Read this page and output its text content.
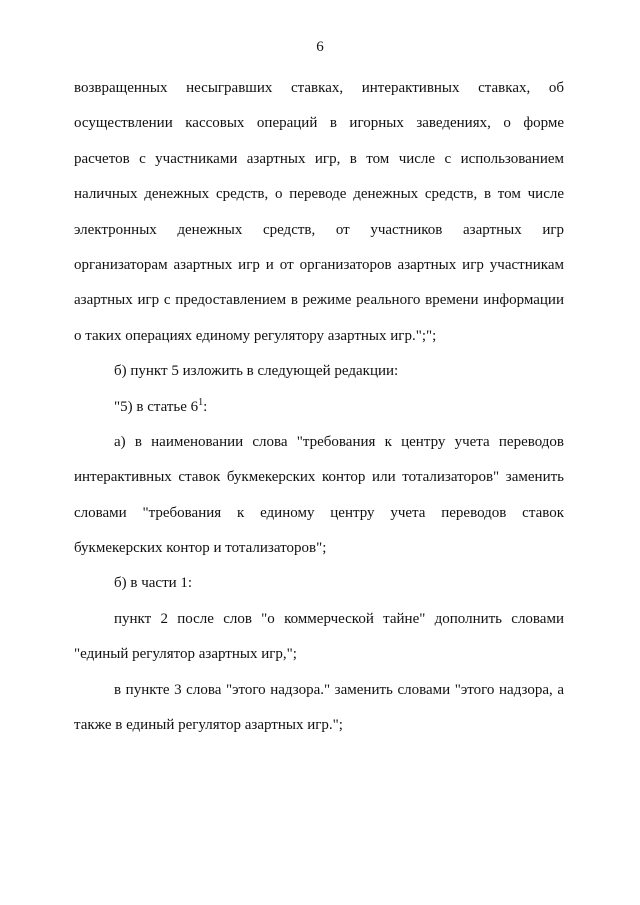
6
возвращенных несыгравших ставках, интерактивных ставках, об
осуществлении кассовых операций в игорных заведениях, о форме
расчетов с участниками азартных игр, в том числе с использованием
наличных денежных средств, о переводе денежных средств, в том числе
электронных денежных средств, от участников азартных игр
организаторам азартных игр и от организаторов азартных игр участникам
азартных игр с предоставлением в режиме реального времени информации
о таких операциях единому регулятору азартных игр.";";
б) пункт 5 изложить в следующей редакции:
"5) в статье $6^1$:
а) в наименовании слова "требования к центру учета переводов
интерактивных ставок букмекерских контор или тотализаторов" заменить
словами "требования к единому центру учета переводов ставок
букмекерских контор и тотализаторов";
б) в части 1:
пункт 2 после слов "о коммерческой тайне" дополнить словами
"единый регулятор азартных игр,";
в пункте 3 слова "этого надзора." заменить словами "этого надзора, а
также в единый регулятор азартных игр.";
